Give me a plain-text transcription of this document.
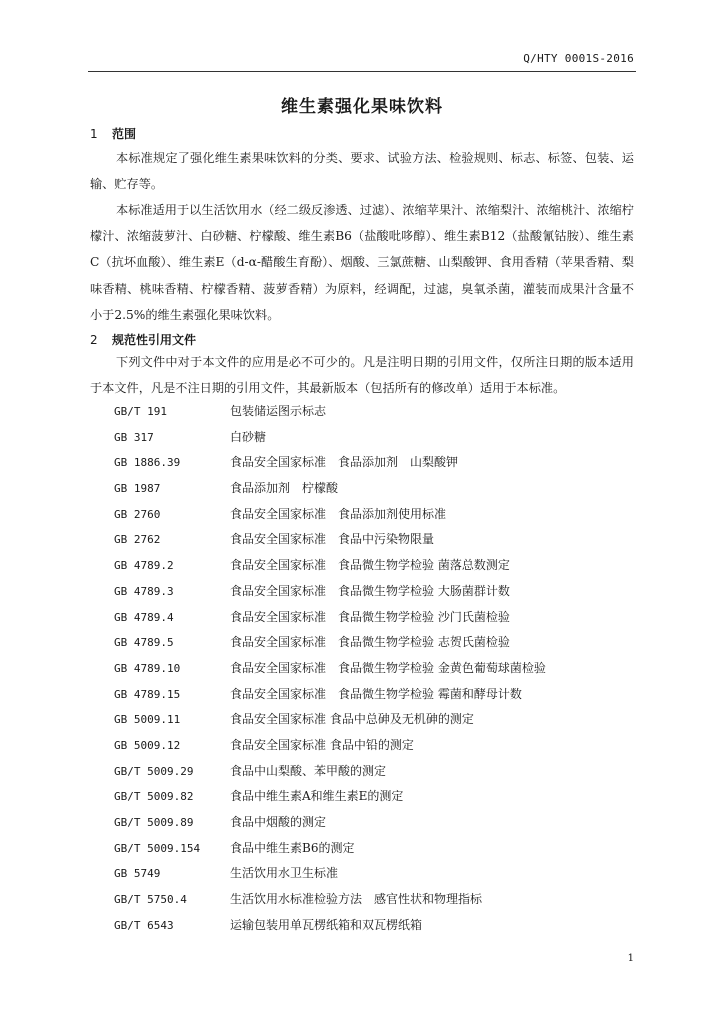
Q/HTY 0001S-2016
维生素强化果味饮料
1 范围
本标准规定了强化维生素果味饮料的分类、要求、试验方法、检验规则、标志、标签、包装、运输、贮存等。
本标准适用于以生活饮用水（经二级反渗透、过滤）、浓缩苹果汁、浓缩梨汁、浓缩桃汁、浓缩柠檬汁、浓缩菠萝汁、白砂糖、柠檬酸、维生素B6（盐酸吡哆醇）、维生素B12（盐酸氰钴胺）、维生素C（抗坏血酸）、维生素E（d-α-醋酸生育酚）、烟酸、三氯蔗糖、山梨酸钾、食用香精（苹果香精、梨味香精、桃味香精、柠檬香精、菠萝香精）为原料，经调配，过滤，臭氧杀菌，灌装而成果汁含量不小于2.5%的维生素强化果味饮料。
2 规范性引用文件
下列文件中对于本文件的应用是必不可少的。凡是注明日期的引用文件，仅所注日期的版本适用于本文件，凡是不注日期的引用文件，其最新版本（包括所有的修改单）适用于本标准。
GB/T 191	包装储运图示标志
GB 317	白砂糖
GB 1886.39	食品安全国家标准　食品添加剂　山梨酸钾
GB 1987	食品添加剂　柠檬酸
GB 2760	食品安全国家标准　食品添加剂使用标准
GB 2762	食品安全国家标准　食品中污染物限量
GB 4789.2	食品安全国家标准　食品微生物学检验 菌落总数测定
GB 4789.3	食品安全国家标准　食品微生物学检验 大肠菌群计数
GB 4789.4	食品安全国家标准　食品微生物学检验 沙门氏菌检验
GB 4789.5	食品安全国家标准　食品微生物学检验 志贺氏菌检验
GB 4789.10	食品安全国家标准　食品微生物学检验 金黄色葡萄球菌检验
GB 4789.15	食品安全国家标准　食品微生物学检验 霉菌和酵母计数
GB 5009.11	食品安全国家标准 食品中总砷及无机砷的测定
GB 5009.12	食品安全国家标准 食品中铅的测定
GB/T 5009.29	食品中山梨酸、苯甲酸的测定
GB/T 5009.82	食品中维生素A和维生素E的测定
GB/T 5009.89	食品中烟酸的测定
GB/T 5009.154 食品中维生素B6的测定
GB 5749	生活饮用水卫生标准
GB/T 5750.4	生活饮用水标准检验方法　感官性状和物理指标
GB/T 6543	运输包装用单瓦楞纸箱和双瓦楞纸箱
1
